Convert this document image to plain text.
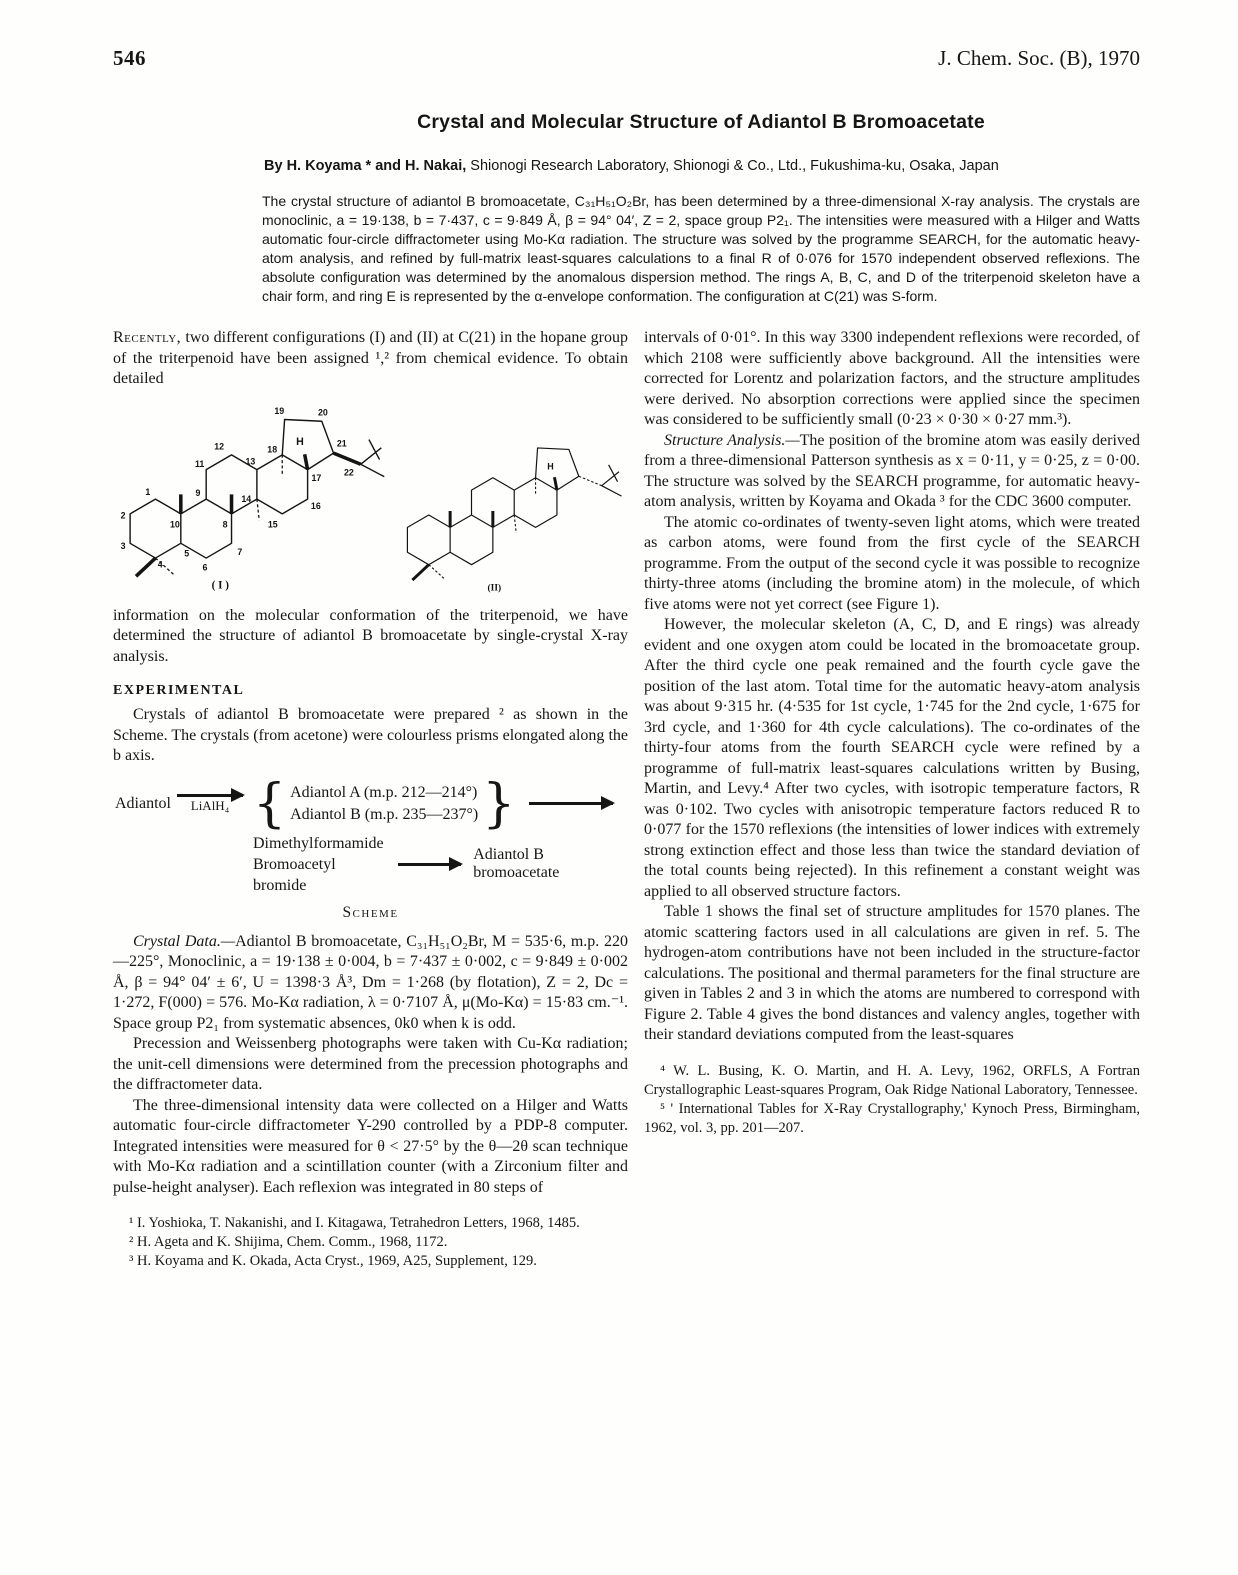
546	J. Chem. Soc. (B), 1970
Crystal and Molecular Structure of Adiantol B Bromoacetate

By H. Koyama * and H. Nakai, Shionogi Research Laboratory, Shionogi & Co., Ltd., Fukushima-ku, Osaka, Japan

The crystal structure of adiantol B bromoacetate, C₃₁H₅₁O₂Br, has been determined by a three-dimensional X-ray analysis. The crystals are monoclinic, a = 19·138, b = 7·437, c = 9·849 Å, β = 94° 04′, Z = 2, space group P2₁. The intensities were measured with a Hilger and Watts automatic four-circle diffractometer using Mo-Kα radiation. The structure was solved by the programme SEARCH, for the automatic heavy-atom analysis, and refined by full-matrix least-squares calculations to a final R of 0·076 for 1570 independent observed reflexions. The absolute configuration was determined by the anomalous dispersion method. The rings A, B, C, and D of the triterpenoid skeleton have a chair form, and ring E is represented by the α-envelope conformation. The configuration at C(21) was S-form.

Recently, two different configurations (I) and (II) at C(21) in the hopane group of the triterpenoid have been assigned ¹,² from chemical evidence. To obtain detailed

19 20
12
13
18
H 21
11
22
17
9
14
1
10	8
16
2
15
3
4
5
6
7
( I )
H
(II)

information on the molecular conformation of the triterpenoid, we have determined the structure of adiantol B bromoacetate by single-crystal X-ray analysis.

EXPERIMENTAL

Crystals of adiantol B bromoacetate were prepared ² as shown in the Scheme. The crystals (from acetone) were colourless prisms elongated along the b axis.

Adiantol LiAlH₄ { Adiantol A (m.p. 212—214°)
Adiantol B (m.p. 235—237°) }
Dimethylformamide
Bromoacetyl bromide
Adiantol B bromoacetate
Scheme

Crystal Data.—Adiantol B bromoacetate, C₃₁H₅₁O₂Br, M = 535·6, m.p. 220—225°, Monoclinic, a = 19·138 ± 0·004, b = 7·437 ± 0·002, c = 9·849 ± 0·002 Å, β = 94° 04′ ± 6′, U = 1398·3 Å³, Dm = 1·268 (by flotation), Z = 2, Dc = 1·272, F(000) = 576. Mo-Kα radiation, λ = 0·7107 Å, μ(Mo-Kα) = 15·83 cm.⁻¹. Space group P2₁ from systematic absences, 0k0 when k is odd.

Precession and Weissenberg photographs were taken with Cu-Kα radiation; the unit-cell dimensions were determined from the precession photographs and the diffractometer data.

The three-dimensional intensity data were collected on a Hilger and Watts automatic four-circle diffractometer Y-290 controlled by a PDP-8 computer. Integrated intensities were measured for θ < 27·5° by the θ—2θ scan technique with Mo-Kα radiation and a scintillation counter (with a Zirconium filter and pulse-height analyser). Each reflexion was integrated in 80 steps of

¹ I. Yoshioka, T. Nakanishi, and I. Kitagawa, Tetrahedron Letters, 1968, 1485.

² H. Ageta and K. Shijima, Chem. Comm., 1968, 1172.

³ H. Koyama and K. Okada, Acta Cryst., 1969, A25, Supplement, 129.

intervals of 0·01°. In this way 3300 independent reflexions were recorded, of which 2108 were sufficiently above background. All the intensities were corrected for Lorentz and polarization factors, and the structure amplitudes were derived. No absorption corrections were applied since the specimen was considered to be sufficiently small (0·23 × 0·30 × 0·27 mm.³).

Structure Analysis.—The position of the bromine atom was easily derived from a three-dimensional Patterson synthesis as x = 0·11, y = 0·25, z = 0·00. The structure was solved by the SEARCH programme, for automatic heavy-atom analysis, written by Koyama and Okada ³ for the CDC 3600 computer.

The atomic co-ordinates of twenty-seven light atoms, which were treated as carbon atoms, were found from the first cycle of the SEARCH programme. From the output of the second cycle it was possible to recognize thirty-three atoms (including the bromine atom) in the molecule, of which five atoms were not yet correct (see Figure 1).

However, the molecular skeleton (A, C, D, and E rings) was already evident and one oxygen atom could be located in the bromoacetate group. After the third cycle one peak remained and the fourth cycle gave the position of the last atom. Total time for the automatic heavy-atom analysis was about 9·315 hr. (4·535 for 1st cycle, 1·745 for the 2nd cycle, 1·675 for 3rd cycle, and 1·360 for 4th cycle calculations). The co-ordinates of the thirty-four atoms from the fourth SEARCH cycle were refined by a programme of full-matrix least-squares calculations written by Busing, Martin, and Levy.⁴ After two cycles, with isotropic temperature factors, R was 0·102. Two cycles with anisotropic temperature factors reduced R to 0·077 for the 1570 reflexions (the intensities of lower indices with extremely strong extinction effect and those less than twice the standard deviation of the total counts being rejected). In this refinement a constant weight was applied to all observed structure factors.

Table 1 shows the final set of structure amplitudes for 1570 planes. The atomic scattering factors used in all calculations are given in ref. 5. The hydrogen-atom contributions have not been included in the structure-factor calculations. The positional and thermal parameters for the final structure are given in Tables 2 and 3 in which the atoms are numbered to correspond with Figure 2. Table 4 gives the bond distances and valency angles, together with their standard deviations computed from the least-squares

⁴ W. L. Busing, K. O. Martin, and H. A. Levy, 1962, ORFLS, A Fortran Crystallographic Least-squares Program, Oak Ridge National Laboratory, Tennessee.

⁵ ' International Tables for X-Ray Crystallography,' Kynoch Press, Birmingham, 1962, vol. 3, pp. 201—207.
